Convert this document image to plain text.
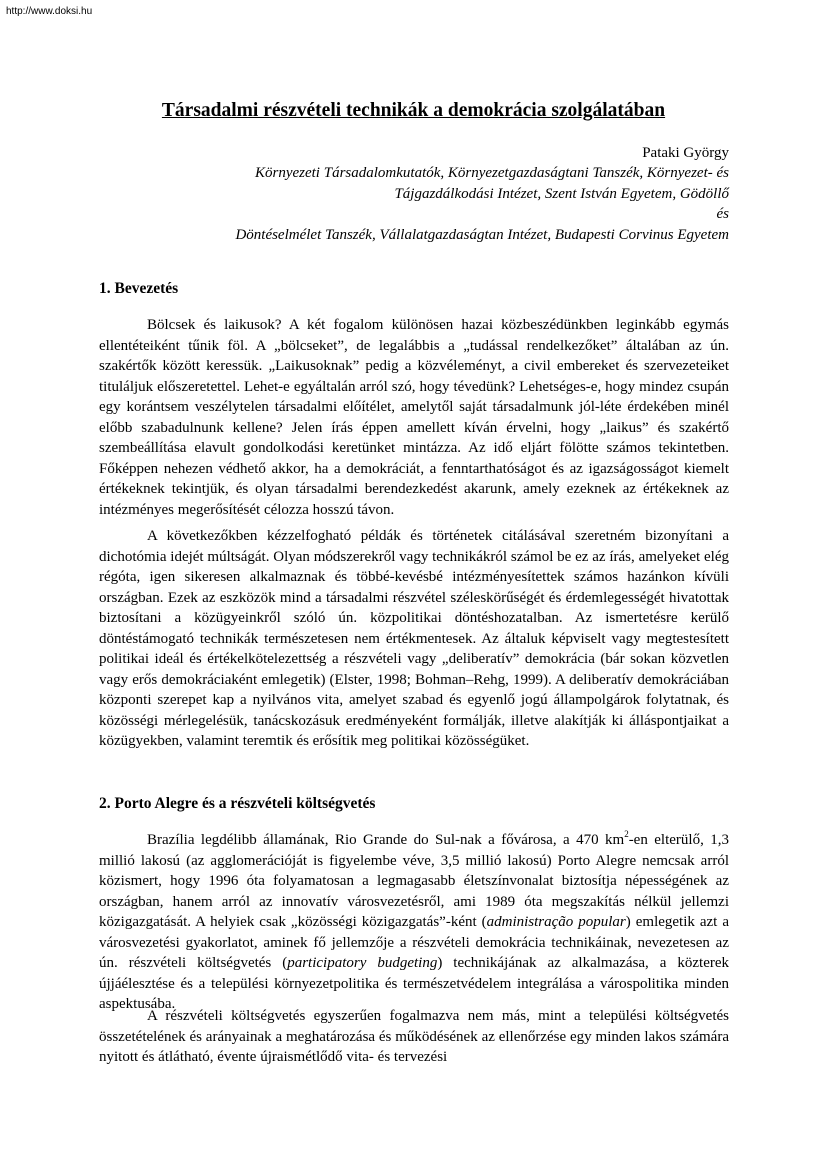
http://www.doksi.hu
Társadalmi részvételi technikák a demokrácia szolgálatában
Pataki György
Környezeti Társadalomkutatók, Környezetgazdaságtani Tanszék, Környezet- és
Tájgazdálkodási Intézet, Szent István Egyetem, Gödöllő
és
Döntéselmélet Tanszék, Vállalatgazdaságtan Intézet, Budapesti Corvinus Egyetem
1. Bevezetés

Bölcsek és laikusok? A két fogalom különösen hazai közbeszédünkben leginkább egymás ellentéteiként tűnik föl. A „bölcseket”, de legalábbis a „tudással rendelkezőket” általában az ún. szakértők között keressük. „Laikusoknak” pedig a közvéleményt, a civil embereket és szervezeteiket tituláljuk előszeretettel. Lehet-e egyáltalán arról szó, hogy tévedünk? Lehetséges-e, hogy mindez csupán egy korántsem veszélytelen társadalmi előítélet, amelytől saját társadalmunk jól-léte érdekében minél előbb szabadulnunk kellene? Jelen írás éppen amellett kíván érvelni, hogy „laikus” és szakértő szembeállítása elavult gondolkodási keretünket mintázza. Az idő eljárt fölötte számos tekintetben. Főképpen nehezen védhető akkor, ha a demokráciát, a fenntarthatóságot és az igazságosságot kiemelt értékeknek tekintjük, és olyan társadalmi berendezkedést akarunk, amely ezeknek az értékeknek az intézményes megerősítését célozza hosszú távon.

A következőkben kézzelfogható példák és történetek citálásával szeretném bizonyítani a dichotómia idejét múltságát. Olyan módszerekről vagy technikákról számol be ez az írás, amelyeket elég régóta, igen sikeresen alkalmaznak és többé-kevésbé intézményesítettek számos hazánkon kívüli országban. Ezek az eszközök mind a társadalmi részvétel széleskörűségét és érdemlegességét hivatottak biztosítani a közügyeinkről szóló ún. közpolitikai döntéshozatalban. Az ismertetésre kerülő döntéstámogató technikák természetesen nem értékmentesek. Az általuk képviselt vagy megtestesített politikai ideál és értékelkötelezettség a részvételi vagy „deliberatív” demokrácia (bár sokan közvetlen vagy erős demokráciaként emlegetik) (Elster, 1998; Bohman–Rehg, 1999). A deliberatív demokráciában központi szerepet kap a nyilvános vita, amelyet szabad és egyenlő jogú állampolgárok folytatnak, és közösségi mérlegelésük, tanácskozásuk eredményeként formálják, illetve alakítják ki álláspontjaikat a közügyekben, valamint teremtik és erősítik meg politikai közösségüket.

2. Porto Alegre és a részvételi költségvetés

Brazília legdélibb államának, Rio Grande do Sul-nak a fővárosa, a 470 $km^2-en$ elterülő, 1,3 millió lakosú (az agglomerációját is figyelembe véve, 3,5 millió lakosú) Porto Alegre nemcsak arról közismert, hogy 1996 óta folyamatosan a legmagasabb életszínvonalat biztosítja népességének az országban, hanem arról az innovatív városvezetésről, ami 1989 óta megszakítás nélkül jellemzi közigazgatását. A helyiek csak „közösségi közigazgatás”-ként (administração popular) emlegetik azt a városvezetési gyakorlatot, aminek fő jellemzője a részvételi demokrácia technikáinak, nevezetesen az ún. részvételi költségvetés (participatory budgeting) technikájának az alkalmazása, a közterek újjáélesztése és a települési környezetpolitika és természetvédelem integrálása a várospolitika minden aspektusába.

A részvételi költségvetés egyszerűen fogalmazva nem más, mint a települési költségvetés összetételének és arányainak a meghatározása és működésének az ellenőrzése egy minden lakos számára nyitott és átlátható, évente újraismétlődő vita- és tervezési
